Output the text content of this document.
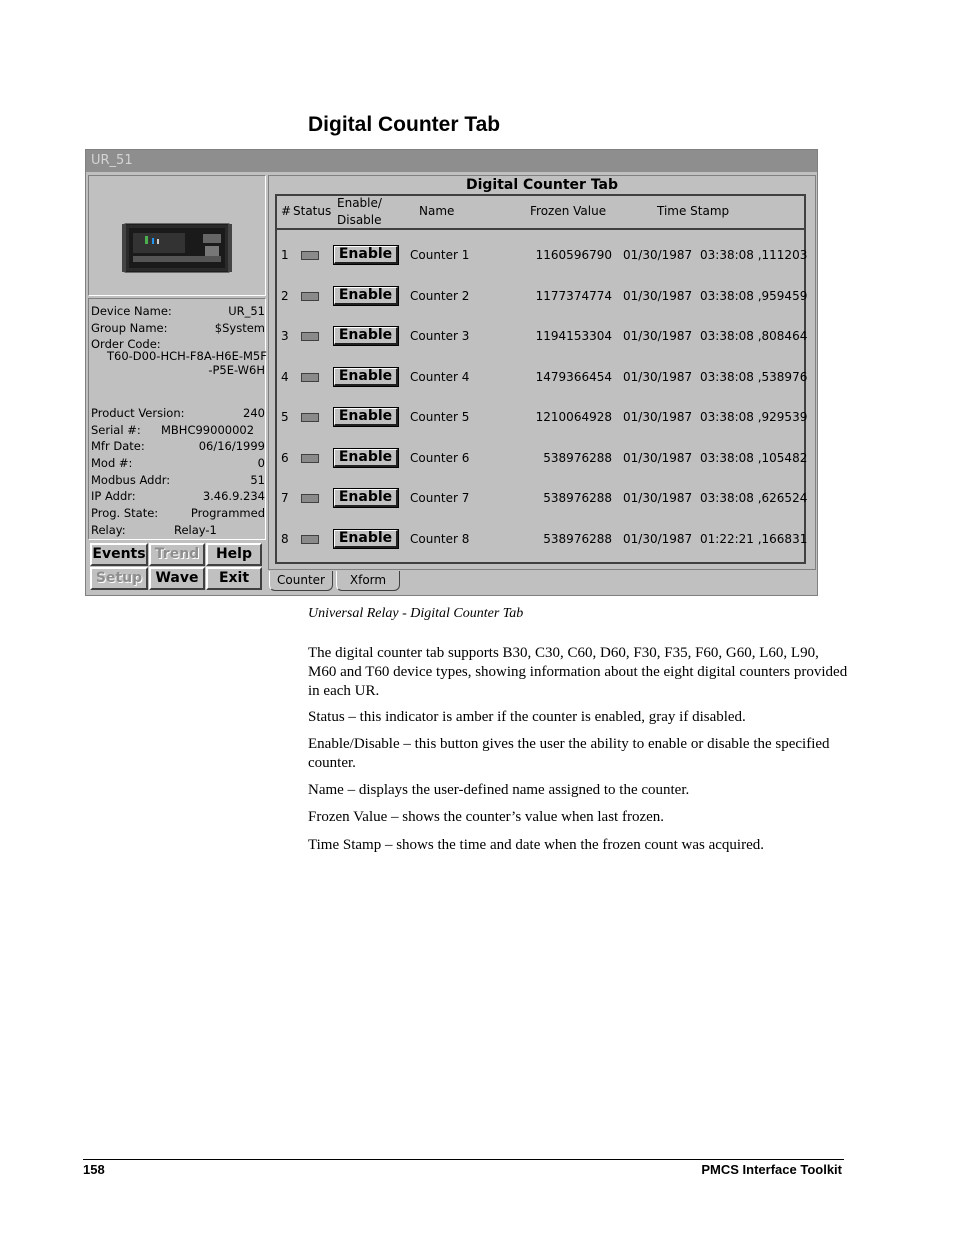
Digital Counter Tab
UR_51
Device Name:	UR_51
Group Name:	$System
Order Code:
T60-D00-HCH-F8A-H6E-M5F
-P5E-W6H
Product Version:	240
Serial #: MBHC99000002
Mfr Date:	06/16/1999
Mod #:	0
Modbus Addr:	51
IP Addr:	3.46.9.234
Prog. State:	Programmed
Relay:	Relay-1
Events Trend	Help
Setup Wave	Exit
Digital Counter Tab
# Status
Enable/
Disable
Name	Frozen Value	Time Stamp
1	Enable	Counter 1	1160596790 01/30/1987 03:38:08 ,111203
2	Enable	Counter 2	1177374774 01/30/1987 03:38:08 ,959459
3	Enable	Counter 3	1194153304 01/30/1987 03:38:08 ,808464
4	Enable	Counter 4	1479366454 01/30/1987 03:38:08 ,538976
5	Enable	Counter 5	1210064928 01/30/1987 03:38:08 ,929539
6	Enable	Counter 6	538976288 01/30/1987 03:38:08 ,105482
7	Enable	Counter 7	538976288 01/30/1987 03:38:08 ,626524
8	Enable	Counter 8	538976288 01/30/1987 01:22:21 ,166831
Counter	Xform
Universal Relay - Digital Counter Tab
The digital counter tab supports B30, C30, C60, D60, F30, F35, F60, G60, L60, L90, M60 and T60 device types, showing information about the eight digital counters provided in each UR.
Status – this indicator is amber if the counter is enabled, gray if disabled.
Enable/Disable – this button gives the user the ability to enable or disable the specified counter.
Name – displays the user-defined name assigned to the counter.
Frozen Value – shows the counter’s value when last frozen.
Time Stamp – shows the time and date when the frozen count was acquired.
158	PMCS Interface Toolkit
